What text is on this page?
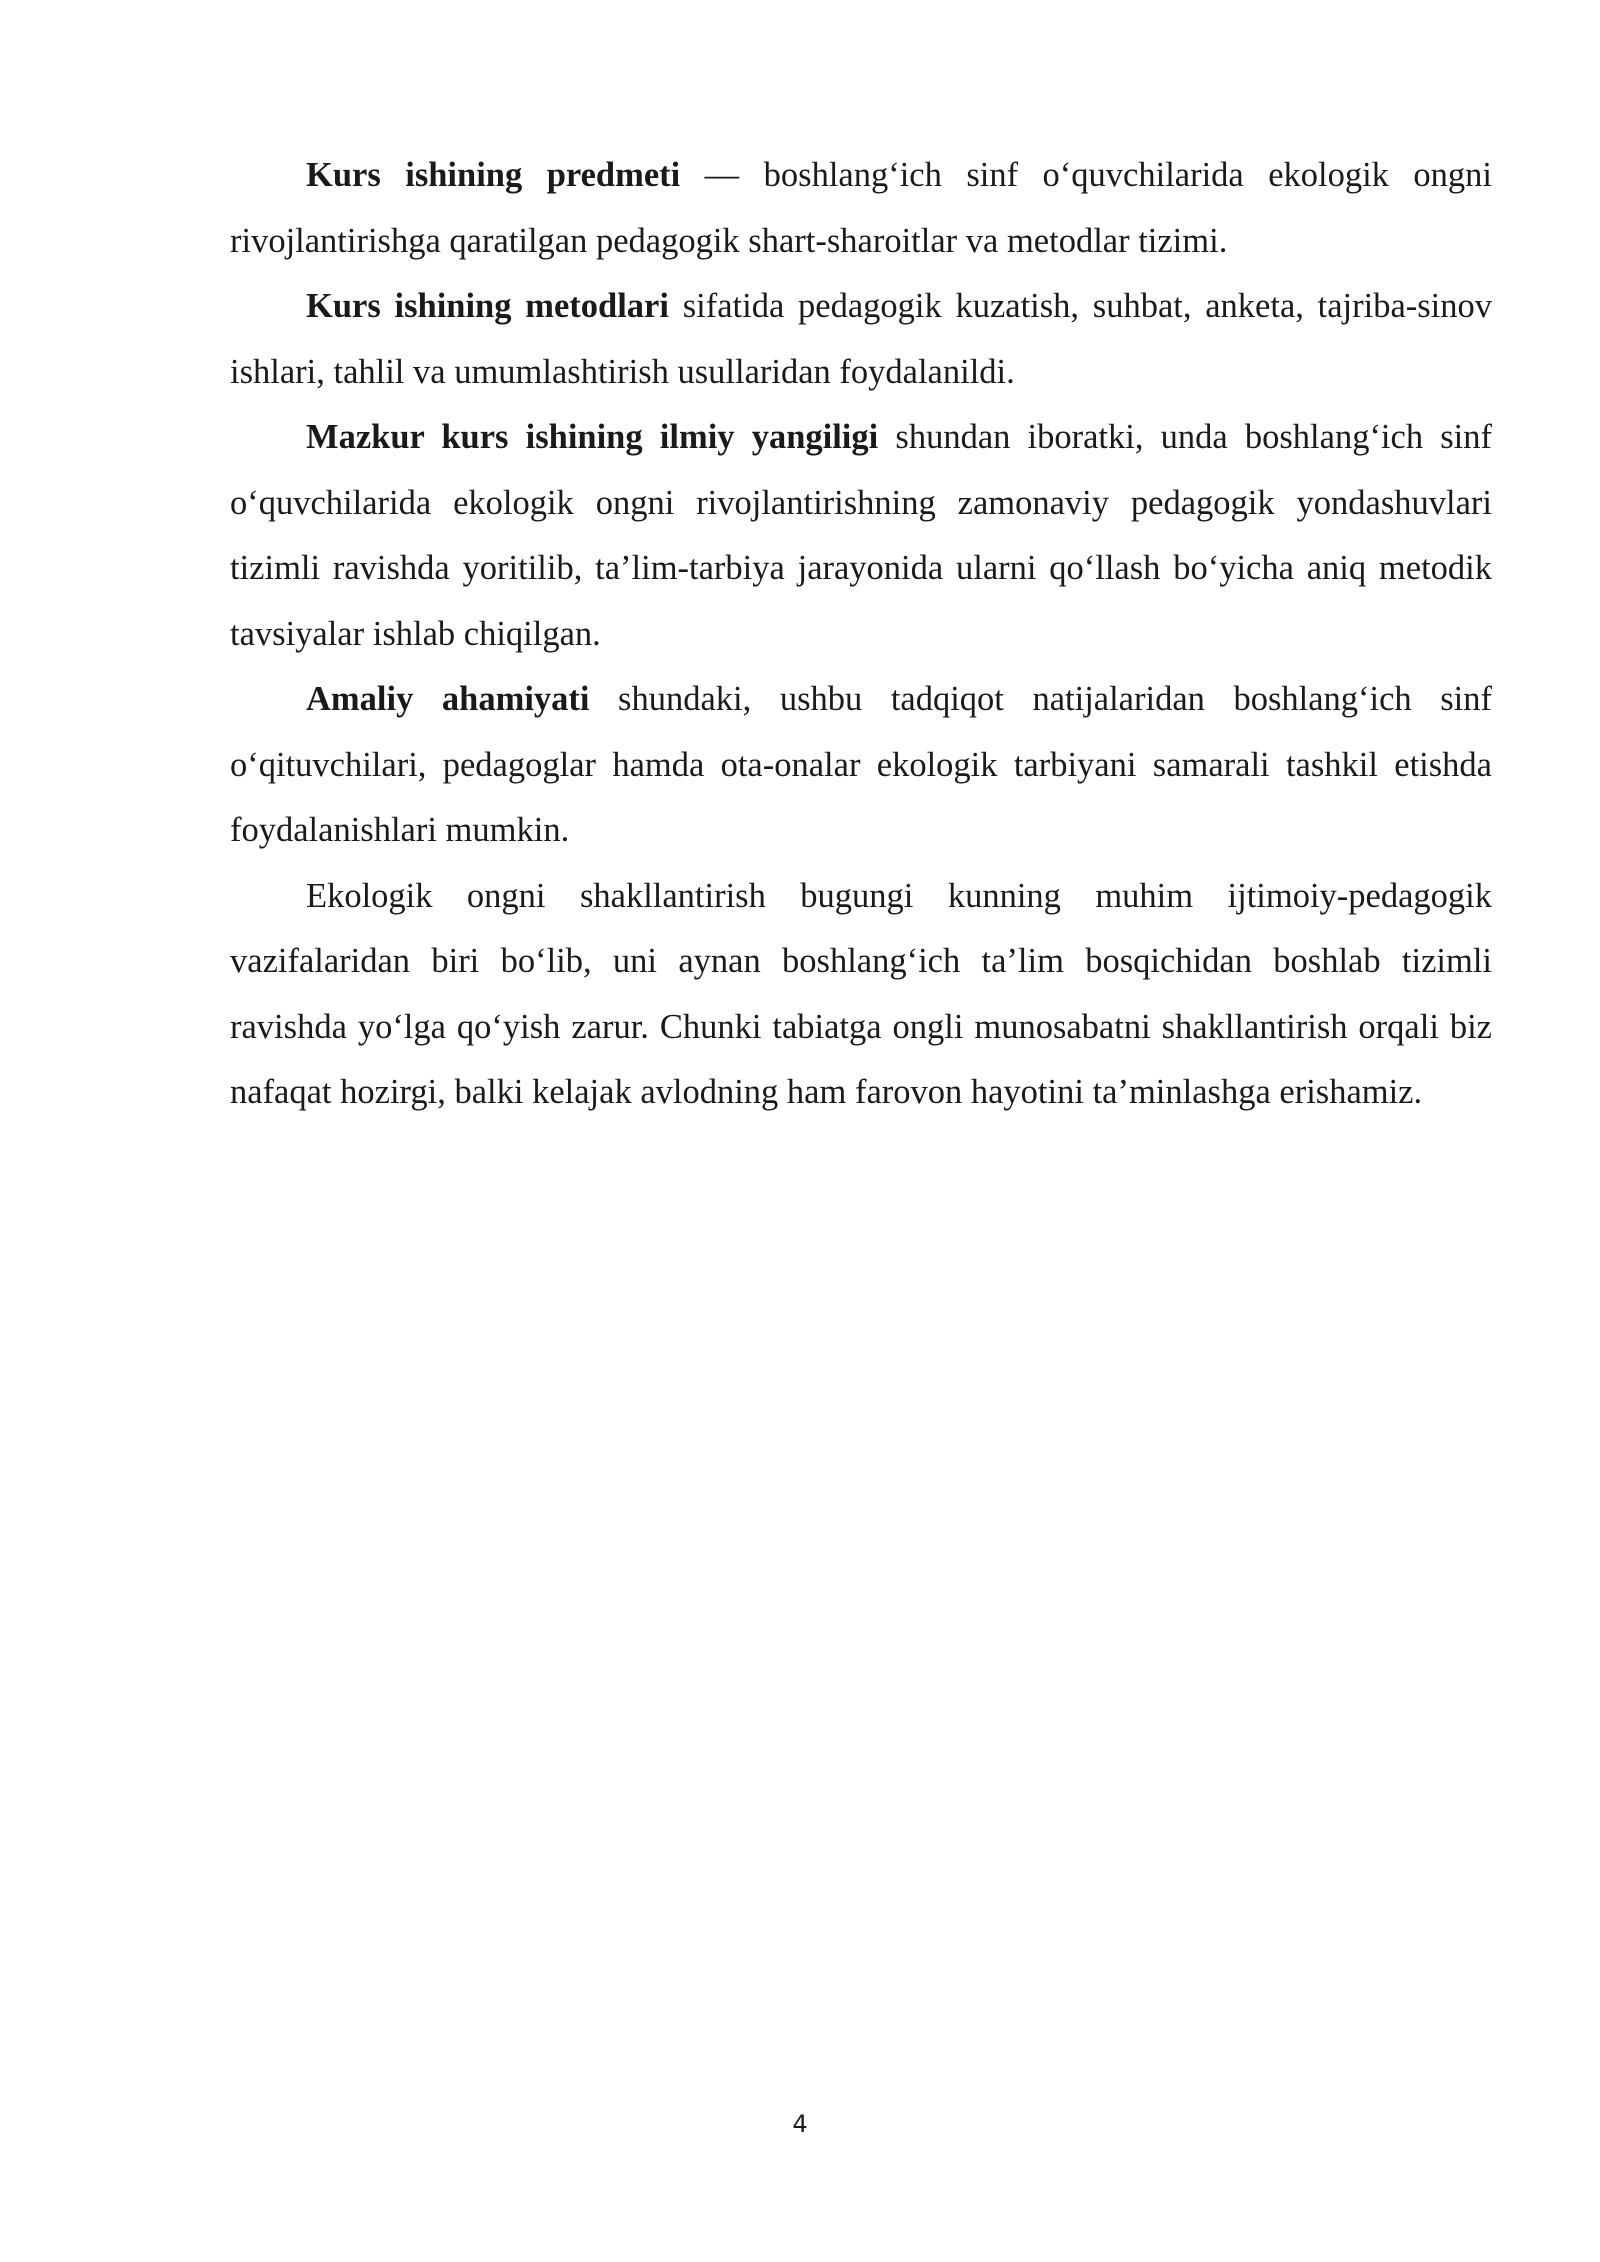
Kurs ishining predmeti — boshlang‘ich sinf o‘quvchilarida ekologik ongni rivojlantirishga qaratilgan pedagogik shart-sharoitlar va metodlar tizimi.

Kurs ishining metodlari sifatida pedagogik kuzatish, suhbat, anketa, tajriba-​sinov ishlari, tahlil va umumlashtirish usullaridan foydalanildi.

Mazkur kurs ishining ilmiy yangiligi shundan iboratki, unda boshlang‘ich sinf o‘quvchilarida ekologik ongni rivojlantirishning zamonaviy pedagogik yondashuvlari tizimli ravishda yoritilib, ta’lim-tarbiya jarayonida ularni qo‘llash bo‘yicha aniq metodik tavsiyalar ishlab chiqilgan.

Amaliy ahamiyati shundaki, ushbu tadqiqot natijalaridan boshlang‘ich sinf o‘qituvchilari, pedagoglar hamda ota-onalar ekologik tarbiyani samarali tashkil etishda foydalanishlari mumkin.

Ekologik ongni shakllantirish bugungi kunning muhim ijtimoiy-pedagogik vazifalaridan biri bo‘lib, uni aynan boshlang‘ich ta’lim bosqichidan boshlab tizimli ravishda yo‘lga qo‘yish zarur. Chunki tabiatga ongli munosabatni shakllantirish orqali biz nafaqat hozirgi, balki kelajak avlodning ham farovon hayotini ta’minlashga erishamiz.

4
